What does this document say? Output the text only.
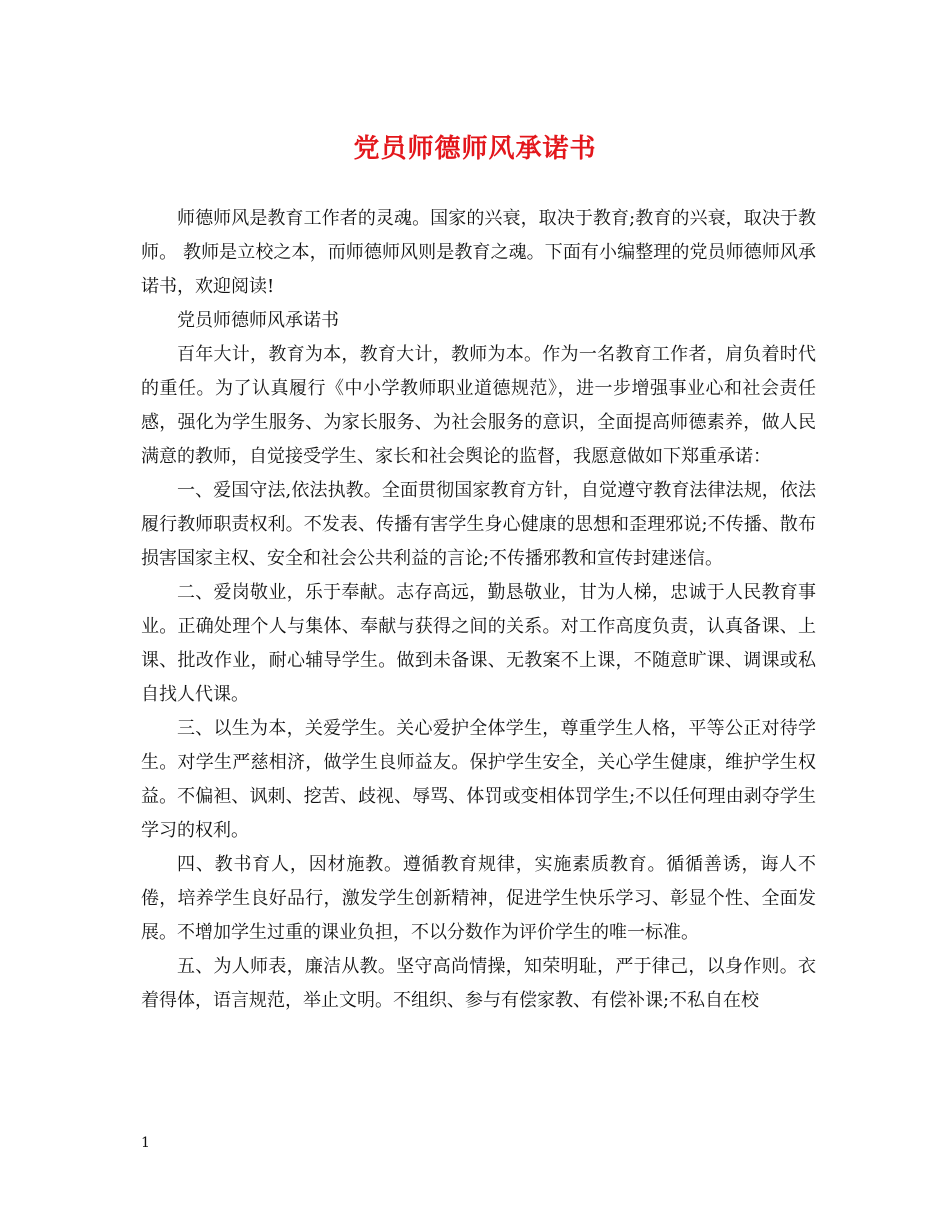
党员师德师风承诺书

师德师风是教育工作者的灵魂。国家的兴衰，取决于教育;教育的兴衰，取决于教师。 教师是立校之本，而师德师风则是教育之魂。下面有小编整理的党员师德师风承诺书，欢迎阅读!

党员师德师风承诺书

百年大计，教育为本，教育大计，教师为本。作为一名教育工作者，肩负着时代的重任。为了认真履行《中小学教师职业道德规范》，进一步增强事业心和社会责任感，强化为学生服务、为家长服务、为社会服务的意识，全面提高师德素养，做人民满意的教师，自觉接受学生、家长和社会舆论的监督，我愿意做如下郑重承诺：

一、爱国守法,依法执教。全面贯彻国家教育方针，自觉遵守教育法律法规，依法履行教师职责权利。不发表、传播有害学生身心健康的思想和歪理邪说;不传播、散布损害国家主权、安全和社会公共利益的言论;不传播邪教和宣传封建迷信。

二、爱岗敬业，乐于奉献。志存高远，勤恳敬业，甘为人梯，忠诚于人民教育事业。正确处理个人与集体、奉献与获得之间的关系。对工作高度负责，认真备课、上课、批改作业，耐心辅导学生。做到未备课、无教案不上课，不随意旷课、调课或私自找人代课。

三、以生为本，关爱学生。关心爱护全体学生，尊重学生人格，平等公正对待学生。对学生严慈相济，做学生良师益友。保护学生安全，关心学生健康，维护学生权益。不偏袒、讽刺、挖苦、歧视、辱骂、体罚或变相体罚学生;不以任何理由剥夺学生学习的权利。

四、教书育人，因材施教。遵循教育规律，实施素质教育。循循善诱，诲人不倦，培养学生良好品行，激发学生创新精神，促进学生快乐学习、彰显个性、全面发展。不增加学生过重的课业负担，不以分数作为评价学生的唯一标准。

五、为人师表，廉洁从教。坚守高尚情操，知荣明耻，严于律己，以身作则。衣着得体，语言规范，举止文明。不组织、参与有偿家教、有偿补课;不私自在校

1
